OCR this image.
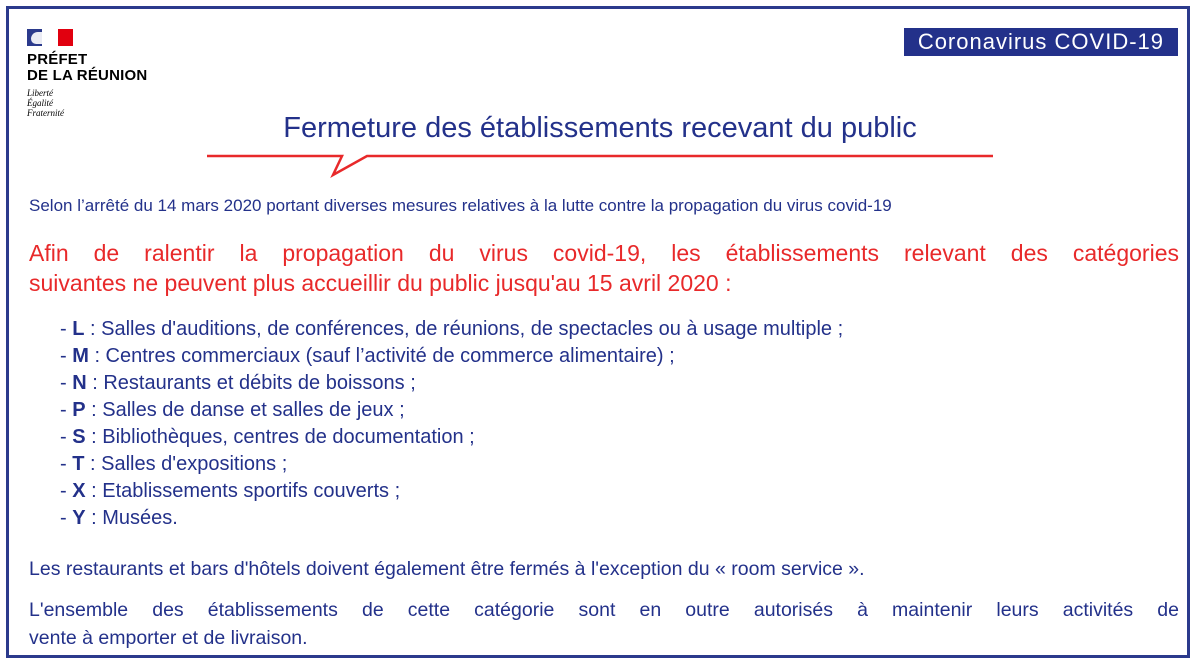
PRÉFET
DE LA RÉUNION
Liberté
Égalité
Fraternité
Coronavirus COVID-19
Fermeture des établissements recevant du public
Selon l’arrêté du 14 mars 2020 portant diverses mesures relatives à la lutte contre la propagation du virus covid-19
Afin de ralentir la propagation du virus covid-19, les établissements relevant des catégories
suivantes ne peuvent plus accueillir du public jusqu'au 15 avril 2020 :
- L : Salles d'auditions, de conférences, de réunions, de spectacles ou à usage multiple ;
- M : Centres commerciaux (sauf l’activité de commerce alimentaire) ;
- N : Restaurants et débits de boissons ;
- P : Salles de danse et salles de jeux ;
- S : Bibliothèques, centres de documentation ;
- T : Salles d'expositions ;
- X : Etablissements sportifs couverts ;
- Y : Musées.
Les restaurants et bars d'hôtels doivent également être fermés à l'exception du « room service ».
L'ensemble des établissements de cette catégorie sont en outre autorisés à maintenir leurs activités de
vente à emporter et de livraison.
